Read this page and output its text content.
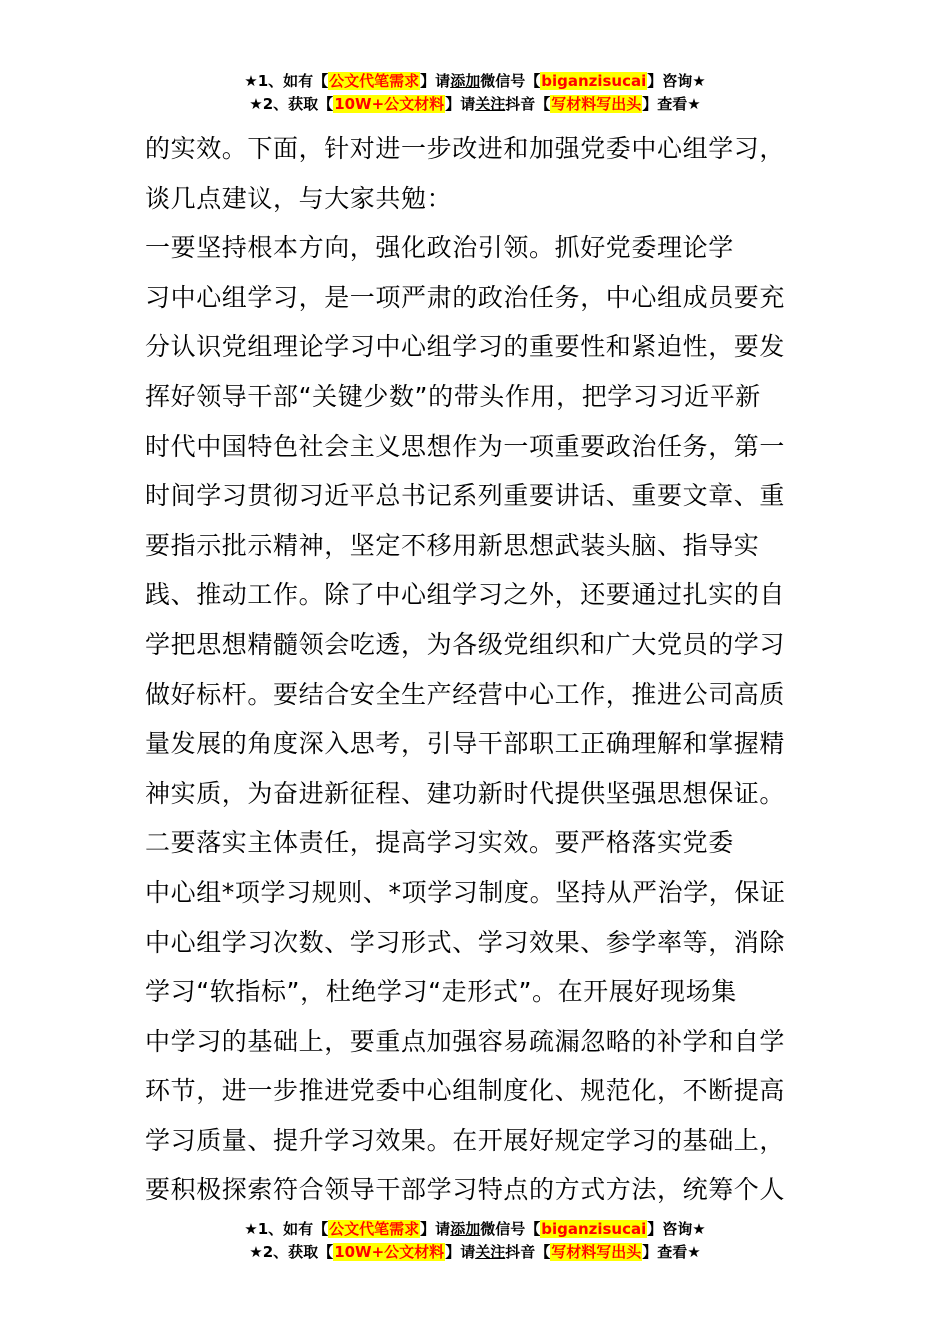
★1、如有【公文代笔需求】请添加微信号【biganzisucai】咨询★
★2、获取【10W+公文材料】请关注抖音【写材料写出头】查看★
的实效。下面，针对进一步改进和加强党委中心组学习，
谈几点建议，与大家共勉：
一要坚持根本方向，强化政治引领。抓好党委理论学
习中心组学习，是一项严肃的政治任务，中心组成员要充
分认识党组理论学习中心组学习的重要性和紧迫性，要发
挥好领导干部“关键少数”的带头作用，把学习习近平新
时代中国特色社会主义思想作为一项重要政治任务，第一
时间学习贯彻习近平总书记系列重要讲话、重要文章、重
要指示批示精神，坚定不移用新思想武装头脑、指导实
践、推动工作。除了中心组学习之外，还要通过扎实的自
学把思想精髓领会吃透，为各级党组织和广大党员的学习
做好标杆。要结合安全生产经营中心工作，推进公司高质
量发展的角度深入思考，引导干部职工正确理解和掌握精
神实质，为奋进新征程、建功新时代提供坚强思想保证。
二要落实主体责任，提高学习实效。要严格落实党委
中心组*项学习规则、*项学习制度。坚持从严治学，保证
中心组学习次数、学习形式、学习效果、参学率等，消除
学习“软指标”，杜绝学习“走形式”。在开展好现场集
中学习的基础上，要重点加强容易疏漏忽略的补学和自学
环节，进一步推进党委中心组制度化、规范化，不断提高
学习质量、提升学习效果。在开展好规定学习的基础上，
要积极探索符合领导干部学习特点的方式方法，统筹个人
★1、如有【公文代笔需求】请添加微信号【biganzisucai】咨询★
★2、获取【10W+公文材料】请关注抖音【写材料写出头】查看★
